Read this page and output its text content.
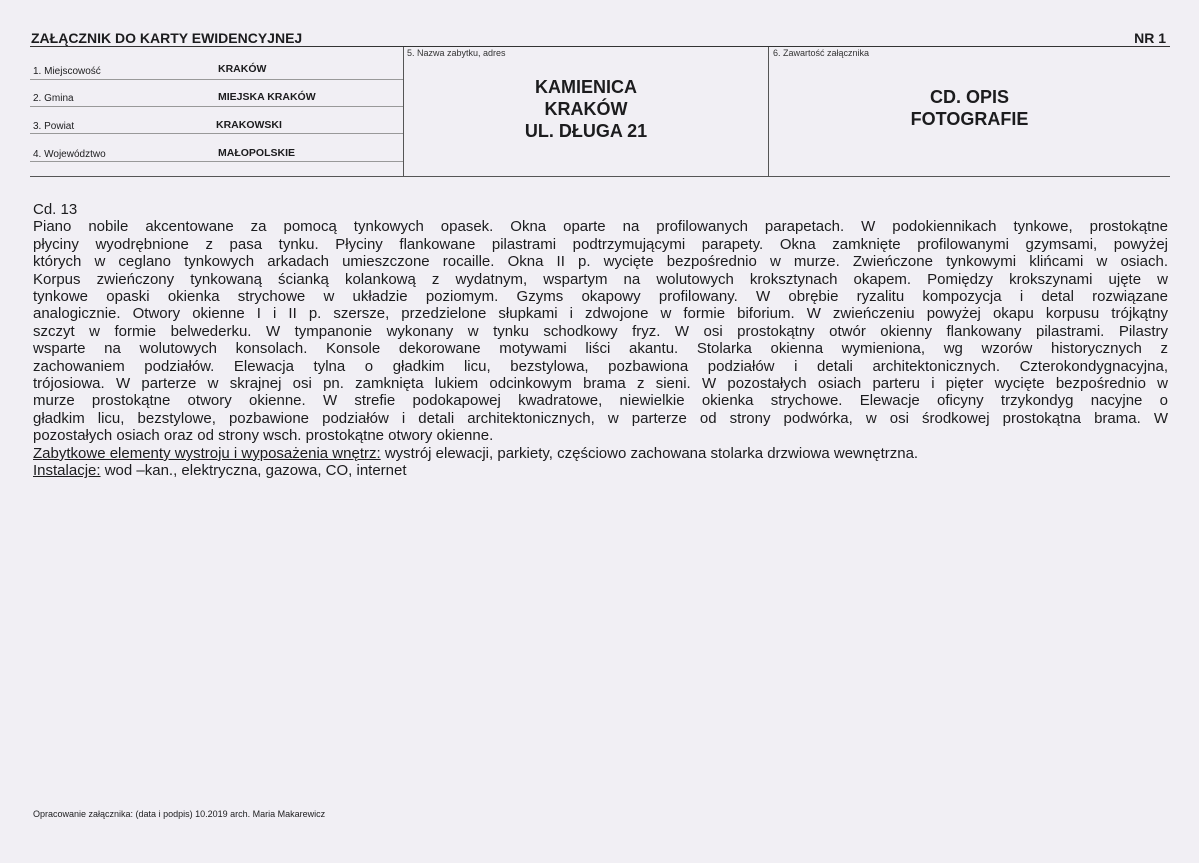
ZAŁĄCZNIK DO KARTY EWIDENCYJNEJ	NR 1
1. Miejscowość	KRAKÓW
2. Gmina	MIEJSKA KRAKÓW
3. Powiat	KRAKOWSKI
4. Województwo	MAŁOPOLSKIE
5. Nazwa zabytku, adres
KAMIENICA
KRAKÓW
UL. DŁUGA 21
6. Zawartość załącznika
CD. OPIS
FOTOGRAFIE
Cd. 13
Piano nobile akcentowane za pomocą tynkowych opasek. Okna oparte na profilowanych parapetach. W podokiennikach tynkowe, prostokątne
płyciny wyodrębnione z pasa tynku. Płyciny flankowane pilastrami podtrzymującymi parapety. Okna zamknięte profilowanymi gzymsami, powyżej
których w ceglano tynkowych arkadach umieszczone rocaille. Okna II p. wycięte bezpośrednio w murze. Zwieńczone tynkowymi klińcami w osiach.
Korpus zwieńczony tynkowaną ścianką kolankową z wydatnym, wspartym na wolutowych kroksztynach okapem. Pomiędzy krokszynami ujęte w
tynkowe opaski okienka strychowe w układzie poziomym. Gzyms okapowy profilowany. W obrębie ryzalitu kompozycja i detal rozwiązane
analogicznie. Otwory okienne I i II p. szersze, przedzielone słupkami i zdwojone w formie biforium. W zwieńczeniu powyżej okapu korpusu trójkątny
szczyt w formie belwederku. W tympanonie wykonany w tynku schodkowy fryz. W osi prostokątny otwór okienny flankowany pilastrami. Pilastry
wsparte na wolutowych konsolach. Konsole dekorowane motywami liści akantu. Stolarka okienna wymieniona, wg wzorów historycznych z
zachowaniem podziałów. Elewacja tylna o gładkim licu, bezstylowa, pozbawiona podziałów i detali architektonicznych. Czterokondygnacyjna,
trójosiowa. W parterze w skrajnej osi pn. zamknięta lukiem odcinkowym brama z sieni. W pozostałych osiach parteru i pięter wycięte bezpośrednio w
murze prostokątne otwory okienne. W strefie podokapowej kwadratowe, niewielkie okienka strychowe. Elewacje oficyny trzykondyg nacyjne o
gładkim licu, bezstylowe, pozbawione podziałów i detali architektonicznych, w parterze od strony podwórka, w osi środkowej prostokątna brama. W
pozostałych osiach oraz od strony wsch. prostokątne otwory okienne.
Zabytkowe elementy wystroju i wyposażenia wnętrz: wystrój elewacji, parkiety, częściowo zachowana stolarka drzwiowa wewnętrzna.
Instalacje: wod –kan., elektryczna, gazowa, CO, internet
Opracowanie załącznika: (data i podpis) 10.2019 arch. Maria Makarewicz
